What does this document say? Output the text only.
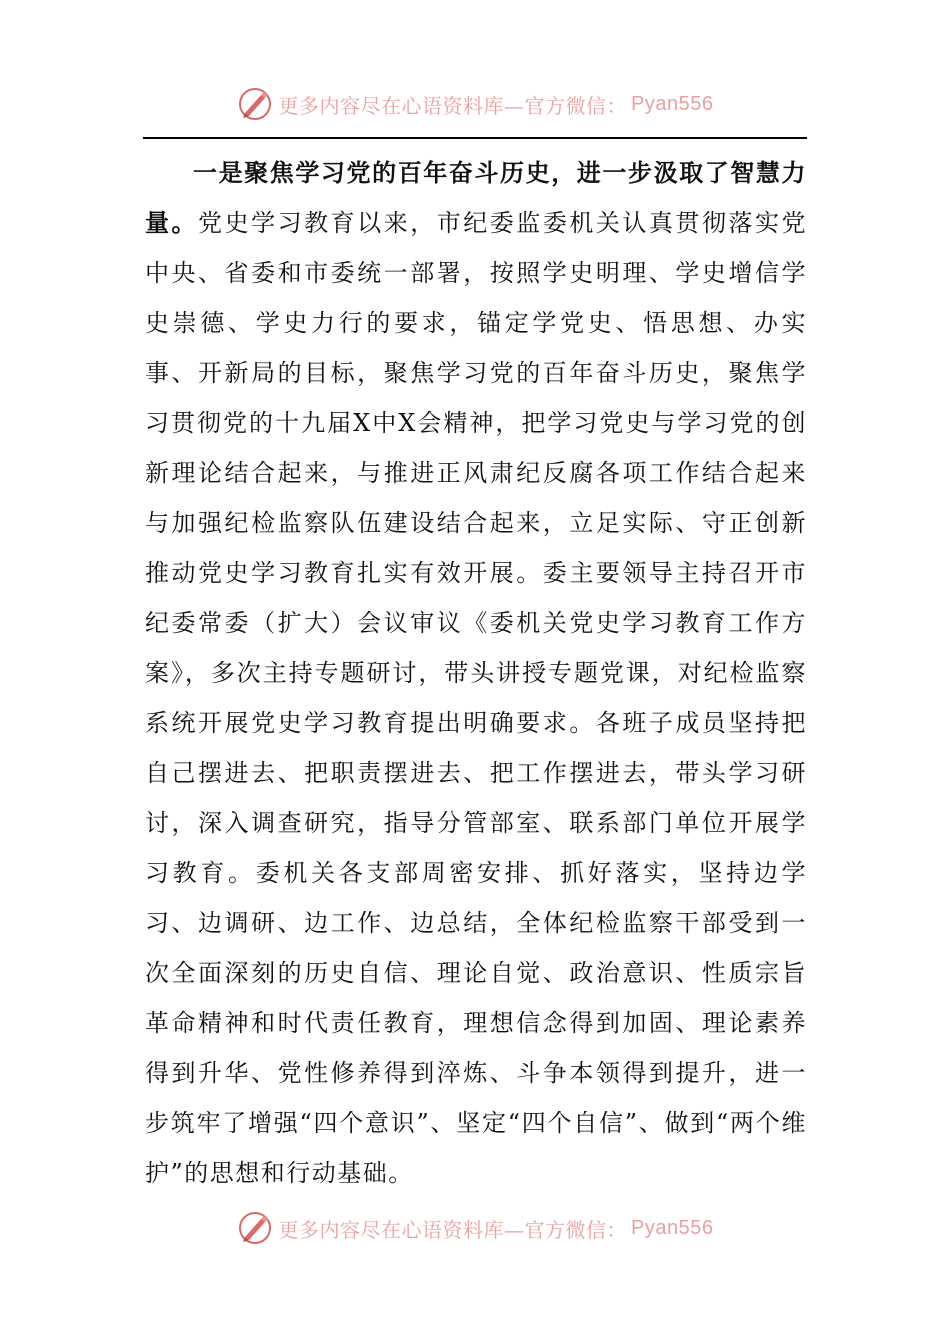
更多内容尽在心语资料库—官方微信： Pyan556
一是聚焦学习党的百年奋斗历史，进一步汲取了智慧力量。党史学习教育以来，市纪委监委机关认真贯彻落实党中央、省委和市委统一部署，按照学史明理、学史增信学史崇德、学史力行的要求，锚定学党史、悟思想、办实事、开新局的目标，聚焦学习党的百年奋斗历史，聚焦学习贯彻党的十九届X中X会精神，把学习党史与学习党的创新理论结合起来，与推进正风肃纪反腐各项工作结合起来与加强纪检监察队伍建设结合起来，立足实际、守正创新推动党史学习教育扎实有效开展。委主要领导主持召开市纪委常委（扩大）会议审议《委机关党史学习教育工作方案》，多次主持专题研讨，带头讲授专题党课，对纪检监察系统开展党史学习教育提出明确要求。各班子成员坚持把自己摆进去、把职责摆进去、把工作摆进去，带头学习研讨，深入调查研究，指导分管部室、联系部门单位开展学习教育。委机关各支部周密安排、抓好落实，坚持边学习、边调研、边工作、边总结，全体纪检监察干部受到一次全面深刻的历史自信、理论自觉、政治意识、性质宗旨革命精神和时代责任教育，理想信念得到加固、理论素养得到升华、党性修养得到淬炼、斗争本领得到提升，进一步筑牢了增强“四个意识”、坚定“四个自信”、做到“两个维护”的思想和行动基础。
更多内容尽在心语资料库—官方微信： Pyan556
